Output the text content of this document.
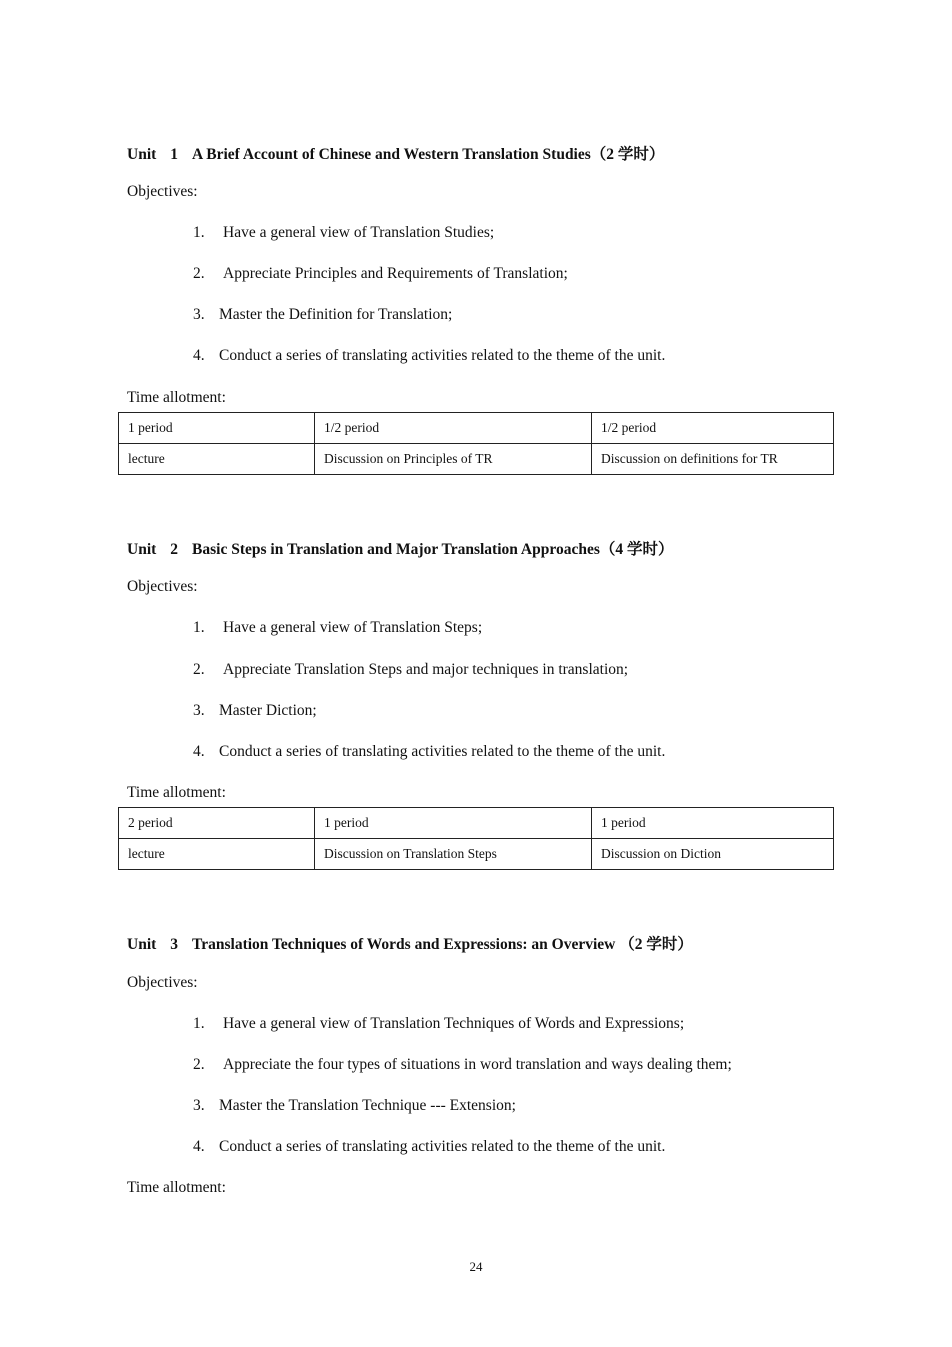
Unit 1 A Brief Account of Chinese and Western Translation Studies（2 学时）
Objectives:
1. Have a general view of Translation Studies;
2. Appreciate Principles and Requirements of Translation;
3. Master the Definition for Translation;
4. Conduct a series of translating activities related to the theme of the unit.
Time allotment:
1 period	1/2 period	1/2 period
lecture	Discussion on Principles of TR	Discussion on definitions for TR
Unit 2 Basic Steps in Translation and Major Translation Approaches（4 学时）
Objectives:
1. Have a general view of Translation Steps;
2. Appreciate Translation Steps and major techniques in translation;
3. Master Diction;
4. Conduct a series of translating activities related to the theme of the unit.
Time allotment:
2 period	1 period	1 period
lecture	Discussion on Translation Steps	Discussion on Diction
Unit 3 Translation Techniques of Words and Expressions: an Overview （2 学时）
Objectives:
1. Have a general view of Translation Techniques of Words and Expressions;
2. Appreciate the four types of situations in word translation and ways dealing them;
3. Master the Translation Technique --- Extension;
4. Conduct a series of translating activities related to the theme of the unit.
Time allotment:
24
